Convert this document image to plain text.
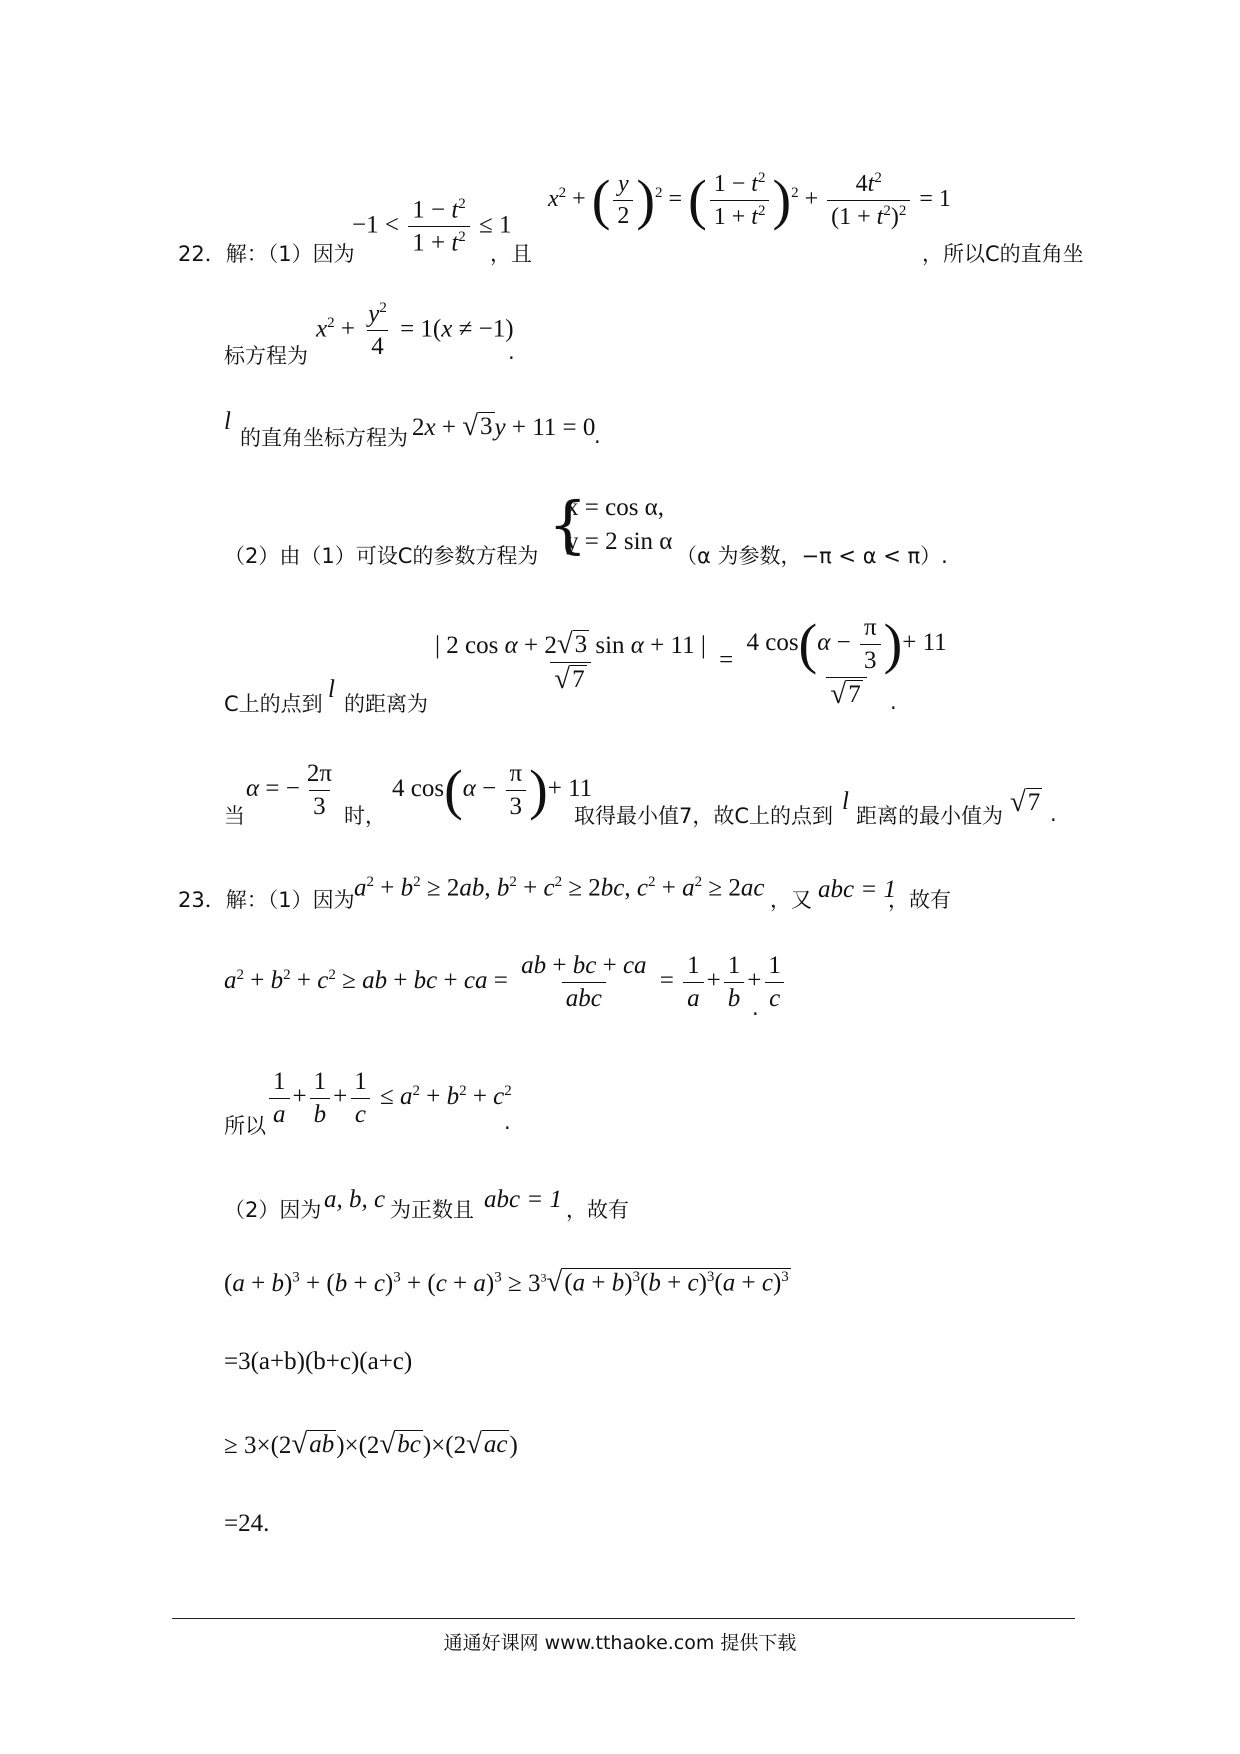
22．解：（1）因为
$-1 < \frac{1 - t^2}{1 + t^2} \le 1$
，且
$x^2$ + ( $\frac{y}{2} )^2$ = ( $\frac{1 - t^2}{1 + t^2} )^2 + \frac{4t^2}{(1 + t^2)^2} = 1$
，所以C的直角坐
标方程为
$x^2 + \frac{y^2}{4} = 1(x \ne -1)$
.
l
的直角坐标方程为 2x + √ 3 y + 11 = 0
.
（2）由（1）可设C的参数方程为 {
x = cos α,
y = 2 sin α
（α 为参数，−π < α < π）.
C上的点到
l
的距离为
$\frac{\text{| 2 cos α + 2 √ 3 sin α + 11 |}}{√ 7} = \frac{4 \cos(\alpha - \frac{\pi}{3} )+ 11}{√ 7}$
.
当
α = − $\frac{2\pi}{3}$ 时，
4 $\cos(\alpha - \frac{\pi}{3}$ )+ 11
取得最小值7，故C上的点到
l
距离的最小值为 √ 7 .
23．解：（1）因为 $a^2 + b^2 \ge 2ab$, $b^2 + c^2 \ge 2bc$, $c^2 + a^2 \ge 2ac$ ，又 abc = 1
，故有
$a^2 + b^2 + c^2$ ≥ ab + bc + ca = $\frac{ab + bc + ca}{\text{abc}} = \frac{1}{a} + \frac{1}{b} + \frac{1}{c}$
.
所以 $\frac{1}{a} + \frac{1}{b} + \frac{1}{c} \le a^2 + b^2 + c^2$
.
（2）因为 a, b, c 为正数且 abc = 1 ，故有
$(a + b)^3 + (b + c)^3 + (c + a)^3 \ge 3^3$ √ $(a + b)^3(b + c)^3(a + c)^3$
=3(a+b)(b+c)(a+c)
≥ 3×(2 √ ab )×(2 √ bc )×(2 √ ac )
=24.
通通好课网 www.tthaoke.com 提供下载
